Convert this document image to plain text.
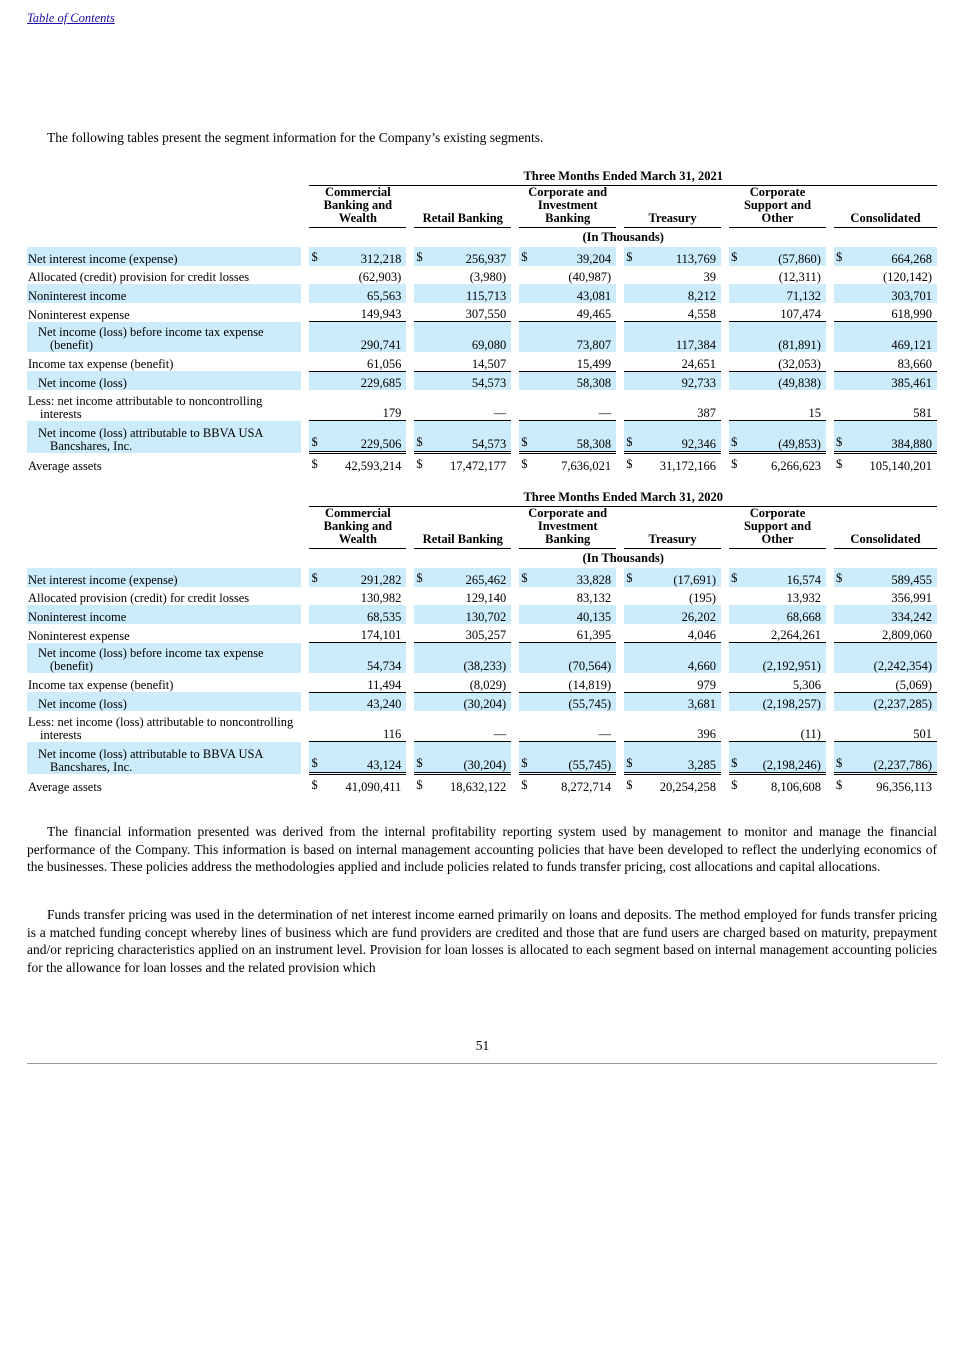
Table of Contents
The following tables present the segment information for the Company’s existing segments.
		Three Months Ended March 31, 2021										
		Commercial Banking and Wealth		Retail Banking		Corporate and Investment Banking		Treasury		Corporate Support and Other		Consolidated
		(In Thousands)										
Net interest income (expense)		$ 312,218		$ 256,937		$ 39,204		$ 113,769		$ (57,860)		$ 664,268
Allocated (credit) provision for credit losses		(62,903)		(3,980)		(40,987)		39		(12,311)		(120,142)
Noninterest income		65,563		115,713		43,081		8,212		71,132		303,701
Noninterest expense		149,943		307,550		49,465		4,558		107,474		618,990
Net income (loss) before income tax expense (benefit)		290,741		69,080		73,807		117,384		(81,891)		469,121
Income tax expense (benefit)		61,056		14,507		15,499		24,651		(32,053)		83,660
Net income (loss)		229,685		54,573		58,308		92,733		(49,838)		385,461
Less: net income attributable to noncontrolling interests		179		—		—		387		15		581
Net income (loss) attributable to BBVA USA Bancshares, Inc.		$ 229,506		$ 54,573		$ 58,308		$ 92,346		$ (49,853)		$ 384,880
Average assets		$ 42,593,214		$ 17,472,177		$ 7,636,021		$ 31,172,166		$ 6,266,623		$ 105,140,201
		Three Months Ended March 31, 2020										
		Commercial Banking and Wealth		Retail Banking		Corporate and Investment Banking		Treasury		Corporate Support and Other		Consolidated
		(In Thousands)										
Net interest income (expense)		$ 291,282		$ 265,462		$ 33,828		$ (17,691)		$ 16,574		$ 589,455
Allocated provision (credit) for credit losses		130,982		129,140		83,132		(195)		13,932		356,991
Noninterest income		68,535		130,702		40,135		26,202		68,668		334,242
Noninterest expense		174,101		305,257		61,395		4,046		2,264,261		2,809,060
Net income (loss) before income tax expense (benefit)		54,734		(38,233)		(70,564)		4,660		(2,192,951)		(2,242,354)
Income tax expense (benefit)		11,494		(8,029)		(14,819)		979		5,306		(5,069)
Net income (loss)		43,240		(30,204)		(55,745)		3,681		(2,198,257)		(2,237,285)
Less: net income (loss) attributable to noncontrolling interests		116		—		—		396		(11)		501
Net income (loss) attributable to BBVA USA Bancshares, Inc.		$ 43,124		$ (30,204)		$ (55,745)		$ 3,285		$ (2,198,246)		$ (2,237,786)
Average assets		$ 41,090,411		$ 18,632,122		$ 8,272,714		$ 20,254,258		$ 8,106,608		$ 96,356,113
The financial information presented was derived from the internal profitability reporting system used by management to monitor and manage the financial performance of the Company. This information is based on internal management accounting policies that have been developed to reflect the underlying economics of the businesses. These policies address the methodologies applied and include policies related to funds transfer pricing, cost allocations and capital allocations.
Funds transfer pricing was used in the determination of net interest income earned primarily on loans and deposits. The method employed for funds transfer pricing is a matched funding concept whereby lines of business which are fund providers are credited and those that are fund users are charged based on maturity, prepayment and/or repricing characteristics applied on an instrument level. Provision for loan losses is allocated to each segment based on internal management accounting policies for the allowance for loan losses and the related provision which
51
